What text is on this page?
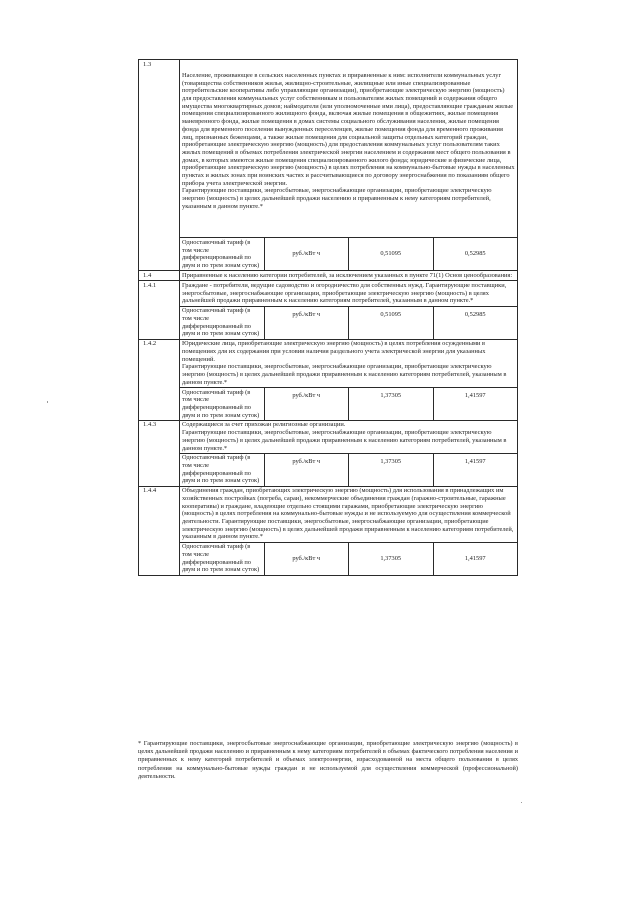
1.3	Население, проживающее в сельских населенных пунктах и приравненные к ним: исполнители коммунальных услуг (товарищества собственников жилья, жилищно-строительные, жилищные или иные специализированные потребительские кооперативы либо управляющие организации), приобретающие электрическую энергию (мощность) для предоставления коммунальных услуг собственникам и пользователям жилых помещений и содержания общего имущества многоквартирных домов; наймодатели (или уполномоченные ими лица), предоставляющие гражданам жилые помещения специализированного жилищного фонда, включая жилые помещения в общежитиях, жилые помещения маневренного фонда, жилые помещения в домах системы социального обслуживания населения, жилые помещения фонда для временного поселения вынужденных переселенцев, жилые помещения фонда для временного проживания лиц, признанных беженцами, а также жилые помещения для социальной защиты отдельных категорий граждан, приобретающие электрическую энергию (мощность) для предоставления коммунальных услуг пользователям таких жилых помещений в объемах потребления электрической энергии населением и содержания мест общего пользования в домах, в которых имеются жилые помещения специализированного жилого фонда; юридические и физические лица, приобретающие электрическую энергию (мощность) в целях потребления на коммунально-бытовые нужды в населенных пунктах и жилых зонах при воинских частях и рассчитывающиеся по договору энергоснабжения по показаниям общего прибора учета электрической энергии.

Гарантирующие поставщики, энергосбытовые, энергоснабжающие организации, приобретающие электрическую энергию (мощность) в целях дальнейшей продажи населению и приравненным к нему категориям потребителей, указанным в данном пункте.*			

	Одноставочный тариф (в том числе дифференцированный по двум и по трем зонам суток)	руб./кВт ч	0,51095	0,52985
1.4	Приравненные к населению категории потребителей, за исключением указанных в пункте 71(1) Основ ценообразования:			

1.4.1	Граждане - потребители, ведущие садоводство и огородничество для собственных нужд. Гарантирующие поставщики, энергосбытовые, энергоснабжающие организации, приобретающие электрическую энергию (мощность) в целях дальнейшей продажи приравненным к населению категориям потребителей, указанным в данном пункте.*			

	Одноставочный тариф (в том числе дифференцированный по двум и по трем зонам суток)	руб./кВт ч	0,51095	0,52985
1.4.2	Юридические лица, приобретающие электрическую энергию (мощность) в целях потребления осужденными в помещениях для их содержания при условии наличия раздельного учета электрической энергии для указанных помещений.

Гарантирующие поставщики, энергосбытовые, энергоснабжающие организации, приобретающие электрическую энергию (мощность) в целях дальнейшей продажи приравненным к населению категориям потребителей, указанным в данном пункте.*			

	Одноставочный тариф (в том числе дифференцированный по двум и по трем зонам суток)	руб./кВт ч	1,37305	1,41597
1.4.3	Содержащиеся за счет прихожан религиозные организации.

Гарантирующие поставщики, энергосбытовые, энергоснабжающие организации, приобретающие электрическую энергию (мощность) в целях дальнейшей продажи приравненным к населению категориям потребителей, указанным в данном пункте.*			

	Одноставочный тариф (в том числе дифференцированный по двум и по трем зонам суток)	руб./кВт ч	1,37305	1,41597
1.4.4	Объединения граждан, приобретающих электрическую энергию (мощность) для использования в принадлежащих им хозяйственных постройках (погреба, сараи), некоммерческие объединения граждан (гаражно-строительные, гаражные кооперативы) и граждане, владеющие отдельно стоящими гаражами, приобретающие электрическую энергию (мощность) в целях потребления на коммунально-бытовые нужды и не используемую для осуществления коммерческой деятельности. Гарантирующие поставщики, энергосбытовые, энергоснабжающие организации, приобретающие электрическую энергию (мощность) в целях дальнейшей продажи приравненным к населению категориям потребителей, указанным в данном пункте.*			

	Одноставочный тариф (в том числе дифференцированный по двум и по трем зонам суток)	руб./кВт ч	1,37305	1,41597
* Гарантирующие поставщики, энергосбытовые энергоснабжающие организации, приобретающие электрическую энергию (мощность) в целях дальнейшей продажи населению и приравненным к нему категориям потребителей в объемах фактического потребления населения и приравненных к нему категорий потребителей и объемах электроэнергии, израсходованной на места общего пользования в целях потребления на коммунально-бытовые нужды граждан и не используемой для осуществления коммерческой (профессиональной) деятельности.
